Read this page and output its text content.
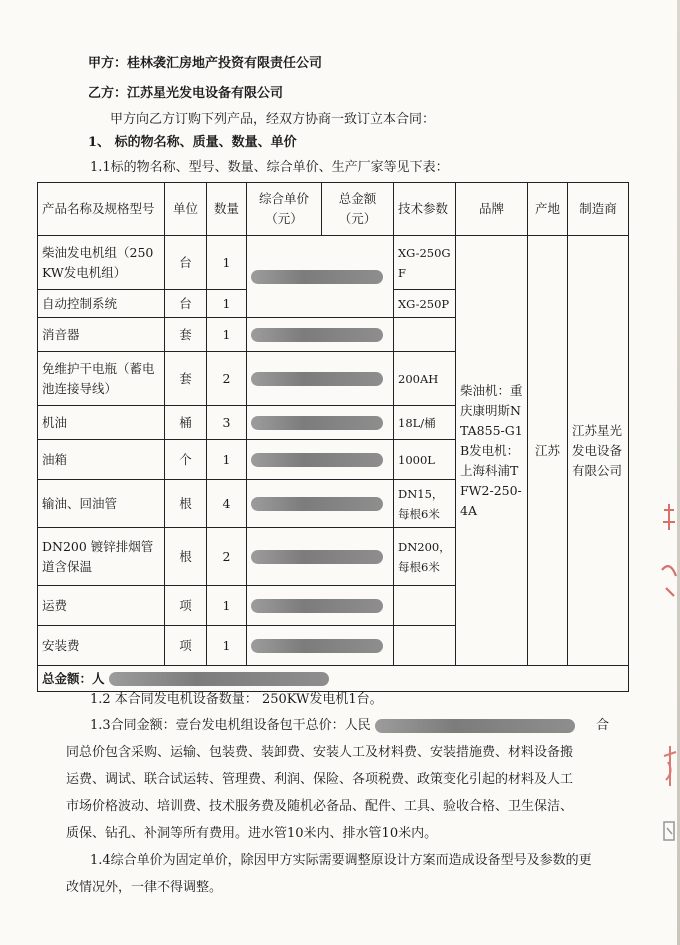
甲方：桂林袭汇房地产投资有限责任公司
乙方：江苏星光发电设备有限公司
甲方向乙方订购下列产品，经双方协商一致订立本合同：
1、 标的物名称、质量、数量、单价
1.1标的物名称、型号、数量、综合单价、生产厂家等见下表：
产品名称及规格型号	单位	数量	综合单价（元）	总金额（元）	技术参数	品牌	产地	制造商
柴油发电机组（250KW发电机组）	台	1			XG-250GF	柴油机：重庆康明斯NTA855-G1B发电机：上海科浦TFW2-250-4A	江苏	江苏星光发电设备有限公司
自动控制系统	台	1			XG-250P			
消音器	套	1						
免维护干电瓶（蓄电池连接导线）	套	2			200AH			
机油	桶	3			18L/桶			
油箱	个	1			1000L			
输油、回油管	根	4			DN15，每根6米			
DN200 镀锌排烟管道含保温	根	2			DN200，每根6米			
运费	项	1						
安装费	项	1						
总金额：人								
1.2 本合同发电机设备数量： 250KW发电机1台。
1.3合同金额：壹台发电机组设备包干总价：人民	合
同总价包含采购、运输、包装费、装卸费、安装人工及材料费、安装措施费、材料设备搬
运费、调试、联合试运转、管理费、利润、保险、各项税费、政策变化引起的材料及人工
市场价格波动、培训费、技术服务费及随机必备品、配件、工具、验收合格、卫生保洁、
质保、钻孔、补洞等所有费用。进水管10米内、排水管10米内。
1.4综合单价为固定单价，除因甲方实际需要调整原设计方案而造成设备型号及参数的更
改情况外，一律不得调整。
